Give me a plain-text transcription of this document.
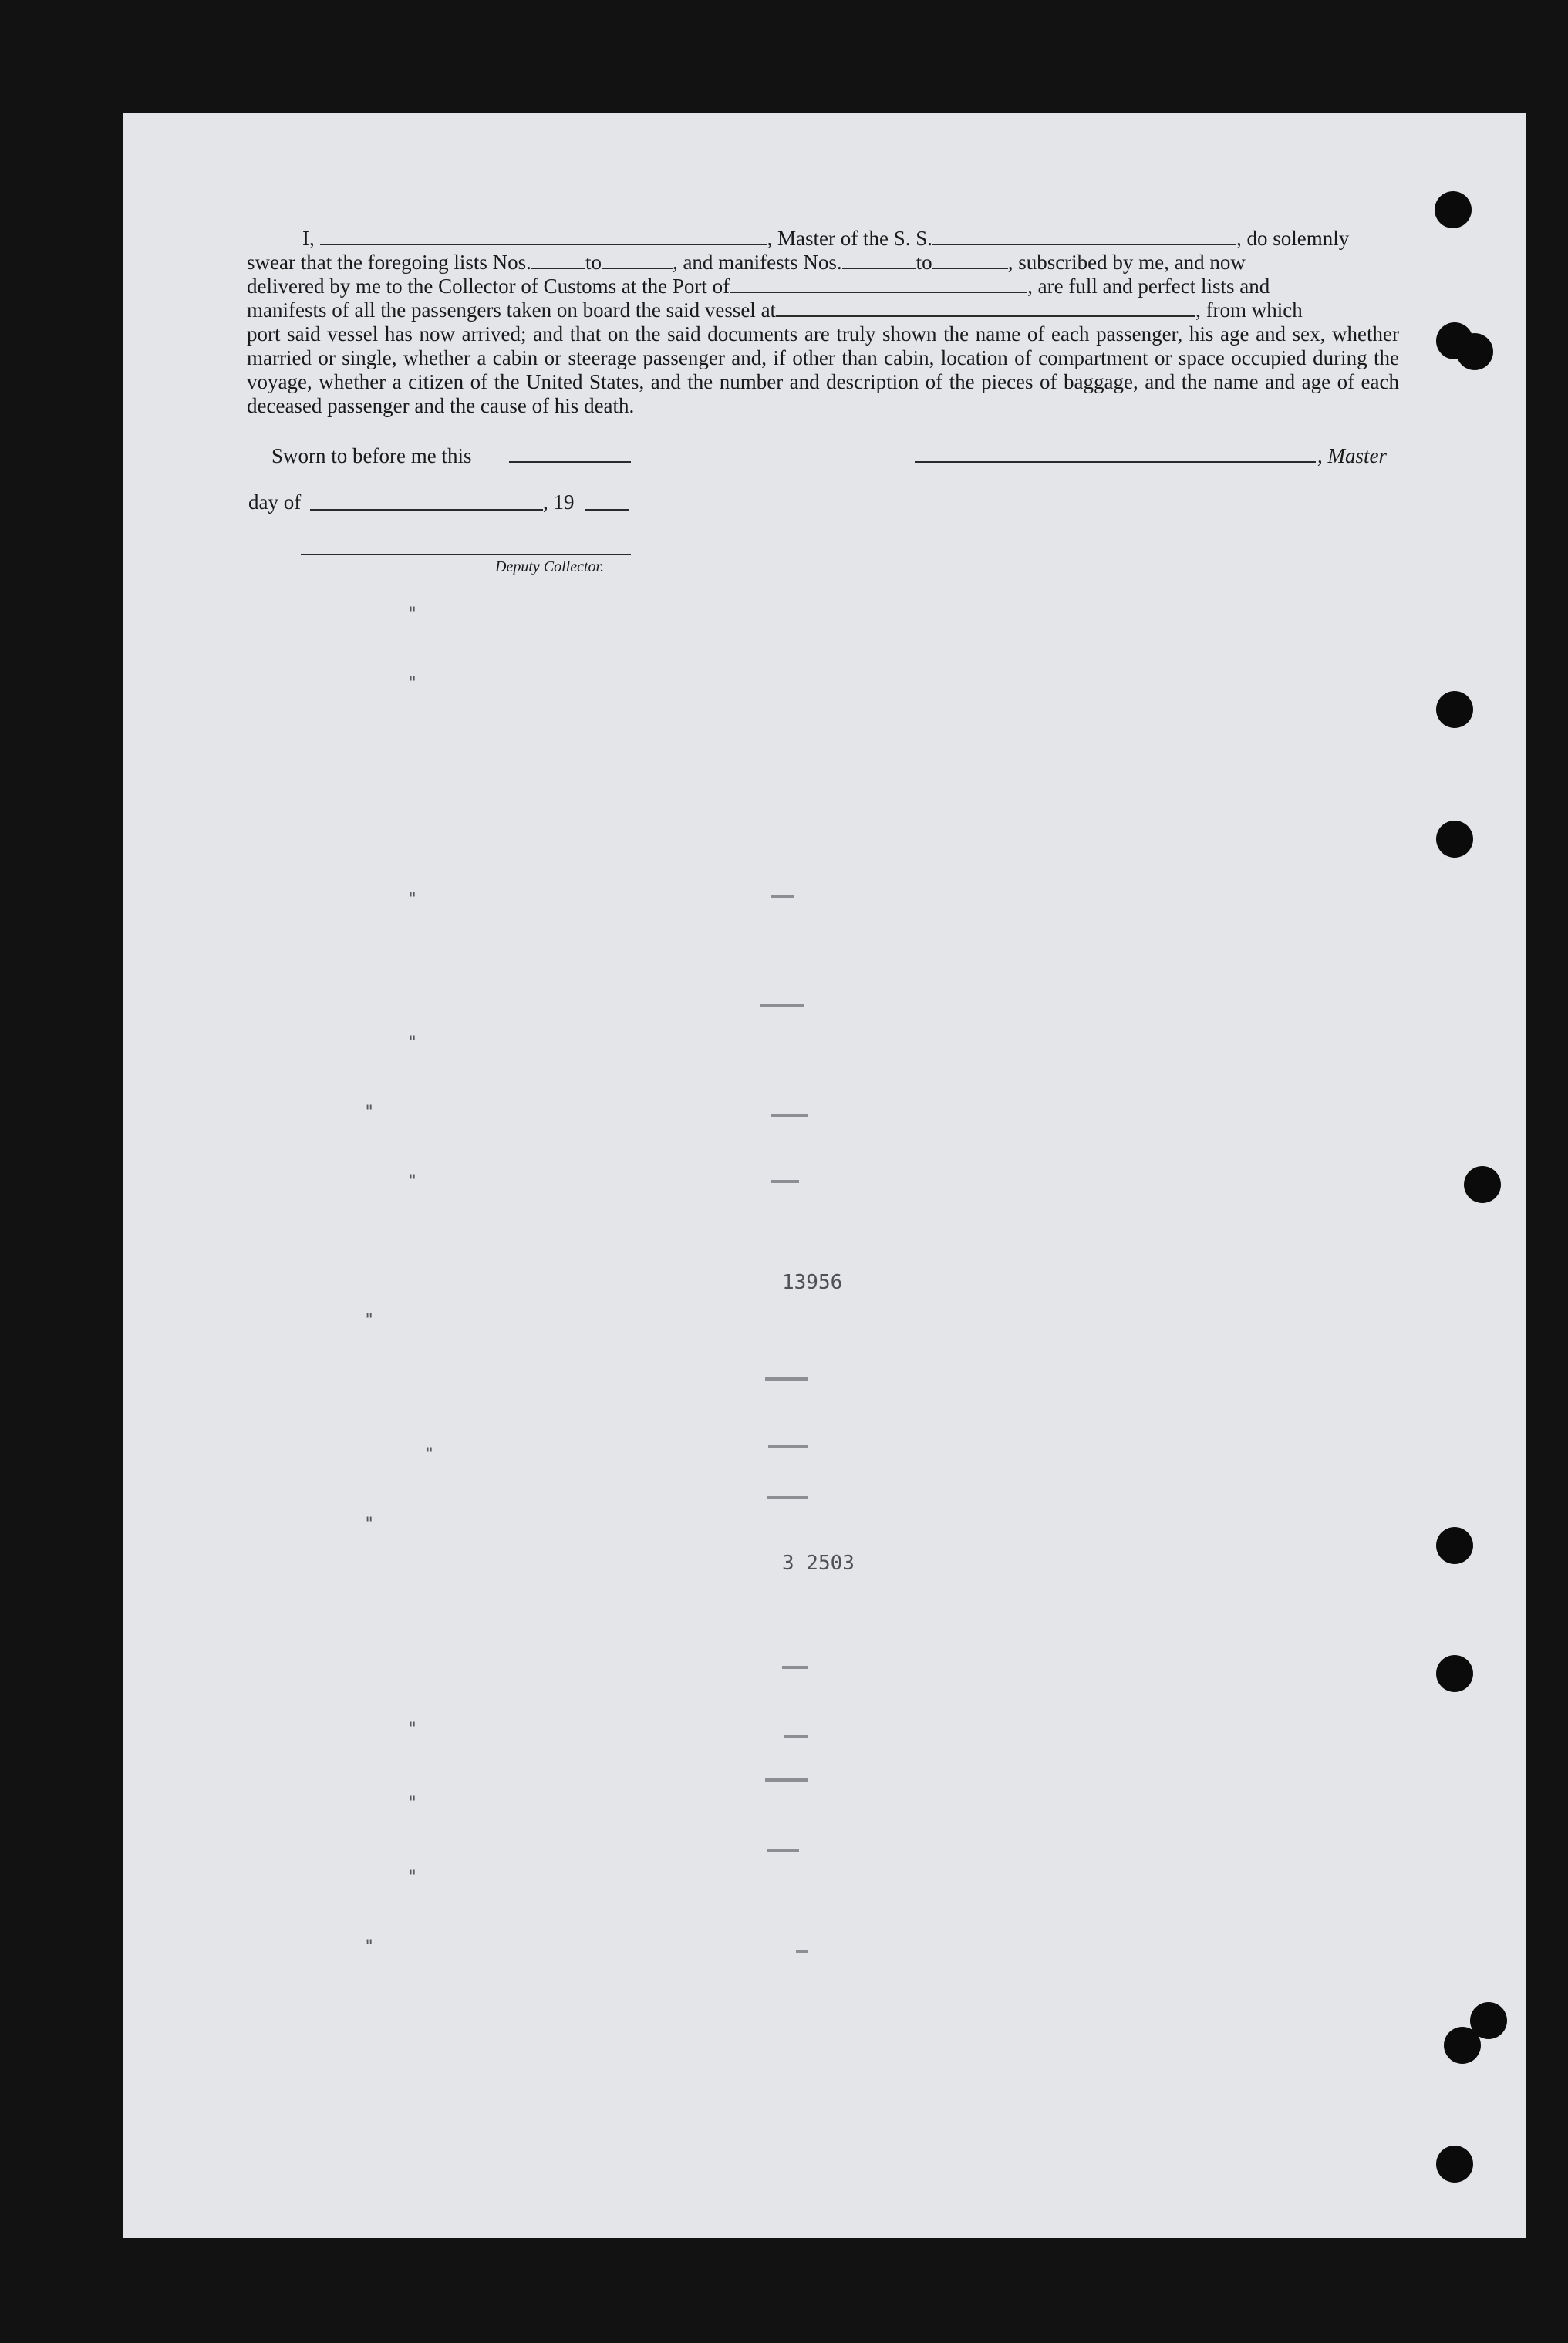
I,	, Master of the S. S.	, do solemnly

swear that the foregoing lists Nos.	to	, and manifests Nos.	to	, subscribed by me, and now

delivered by me to the Collector of Customs at the Port of	, are full and perfect lists and

manifests of all the passengers taken on board the said vessel at	, from which

port said vessel has now arrived; and that on the said documents are truly shown the name of each passenger, his age and sex, whether married or single, whether a cabin or steerage passenger and, if other than cabin, location of compartment or space occupied during the voyage, whether a citizen of the United States, and the number and description of the pieces of baggage, and the name and age of each deceased passenger and the cause of his death.

Sworn to before me this	, Master
day of	, 19
Deputy Collector.
13956
3 2503
"
"
"
"
"
"
"
"
"
"
"
"
"
